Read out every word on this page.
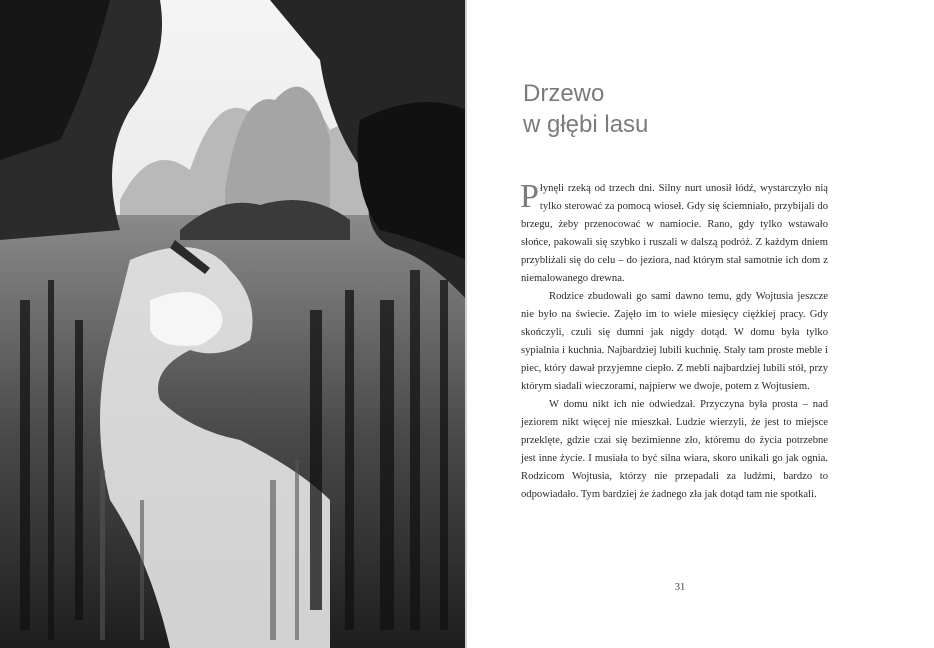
Drzewo
w głębi lasu

Płynęli rzeką od trzech dni. Silny nurt unosił łódź, wystarczyło nią tylko sterować za pomocą wioseł. Gdy się ściemniało, przybijali do brzegu, żeby przenocować w namiocie. Rano, gdy tylko wstawało słońce, pakowali się szybko i ruszali w dalszą podróż. Z każdym dniem przybliżali się do celu – do jeziora, nad którym stał samotnie ich dom z niemalowanego drewna.

Rodzice zbudowali go sami dawno temu, gdy Wojtusia jeszcze nie było na świecie. Zajęło im to wiele miesięcy ciężkiej pracy. Gdy skończyli, czuli się dumni jak nigdy dotąd. W domu była tylko sypialnia i kuchnia. Najbardziej lubili kuchnię. Stały tam proste meble i piec, który dawał przyjemne ciepło. Z mebli najbardziej lubili stół, przy którym siadali wieczorami, najpierw we dwoje, potem z Wojtusiem.

W domu nikt ich nie odwiedzał. Przyczyna była prosta – nad jeziorem nikt więcej nie mieszkał. Ludzie wierzyli, że jest to miejsce przeklęte, gdzie czai się bezimienne zło, któremu do życia potrzebne jest inne życie. I musiała to być silna wiara, skoro unikali go jak ognia. Rodzicom Wojtusia, którzy nie przepadali za ludźmi, bardzo to odpowiadało. Tym bardziej że żadnego zła jak dotąd tam nie spotkali.

31
